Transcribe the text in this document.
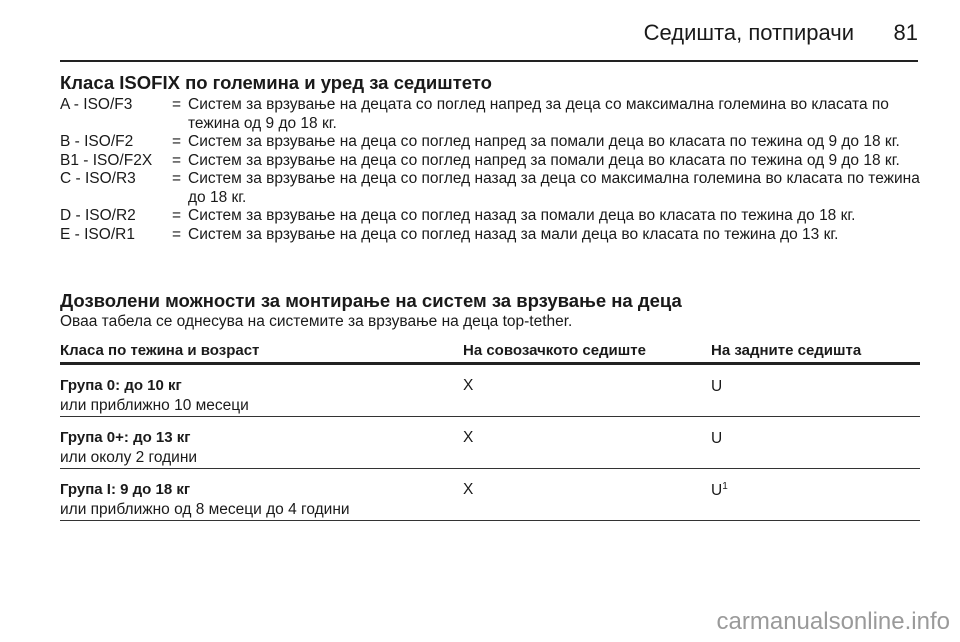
Седишта, потпирачи 81
Класа ISOFIX по големина и уред за седиштето
A - ISO/F3	= Систем за врзување на децата со поглед напред за деца со максимална големина во класата по тежина од 9 до 18 кг.
B - ISO/F2	= Систем за врзување на деца со поглед напред за помали деца во класата по тежина од 9 до 18 кг.
B1 - ISO/F2X	= Систем за врзување на деца со поглед напред за помали деца во класата по тежина од 9 до 18 кг.
C - ISO/R3	= Систем за врзување на деца со поглед назад за деца со максимална големина во класата по тежина до 18 кг.
D - ISO/R2	= Систем за врзување на деца со поглед назад за помали деца во класата по тежина до 18 кг.
E - ISO/R1	= Систем за врзување на деца со поглед назад за мали деца во класата по тежина до 13 кг.
Дозволени можности за монтирање на систем за врзување на деца
Оваа табела се однесува на системите за врзување на деца top-tether.
Класа по тежина и возраст	На совозачкото седиште	На задните седишта
Група 0: до 10 кг
или приближно 10 месеци
X	U
Група 0+: до 13 кг
или околу 2 години
X	U
Група I: 9 до 18 кг
или приближно од 8 месеци до 4 години
X	$U^1$
carmanualsonline.info
